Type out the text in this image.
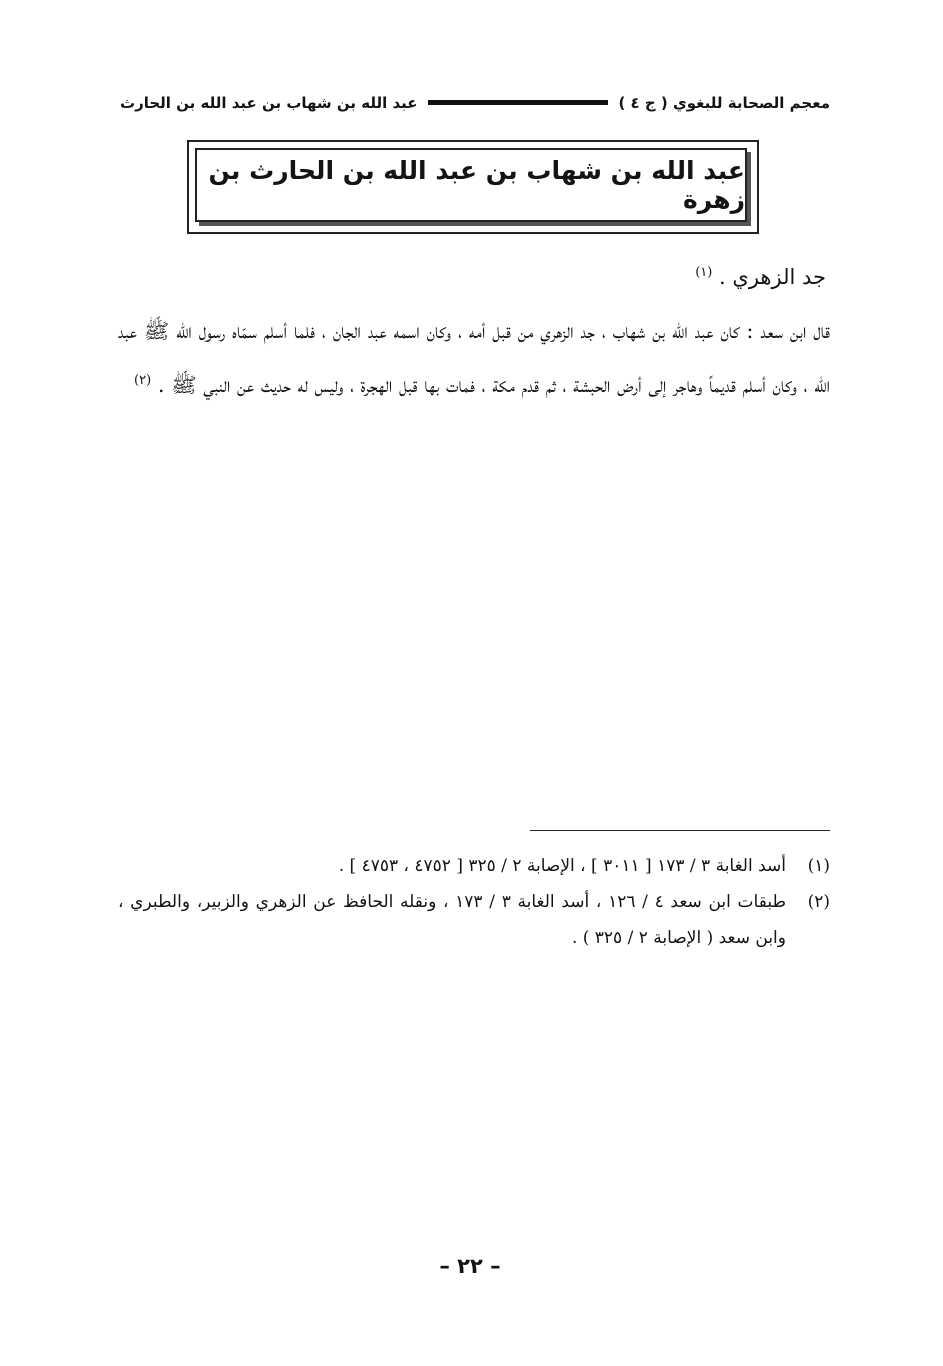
معجم الصحابة للبغوي ( ج ٤ )
عبد الله بن شهاب بن عبد الله بن الحارث
عبد الله بن شهاب بن عبد الله بن الحارث بن زهرة

جد الزهري . $^{(١)}$

قال ابن سعد : كان عبد الله بن شهاب ، جد الزهري من قبل أمه ، وكان اسمه عبد الجان ، فلما أسلم سمّاه رسول الله ﷺ عبد الله ، وكان أسلم قديماً وهاجر إلى أرض الحبشة ، ثم قدم مكة ، فمات بها قبل الهجرة ، وليس له حديث عن النبي ﷺ . $^{(٢)}$

(١)
أسد الغابة ٣ / ١٧٣ [ ٣٠١١ ] ، الإصابة ٢ / ٣٢٥ [ ٤٧٥٢ ، ٤٧٥٣ ] .
(٢)
طبقات ابن سعد ٤ / ١٢٦ ، أسد الغابة ٣ / ١٧٣ ، ونقله الحافظ عن الزهري والزبير، والطبري ، وابن سعد ( الإصابة ٢ / ٣٢٥ ) .
– ٢٢ –
